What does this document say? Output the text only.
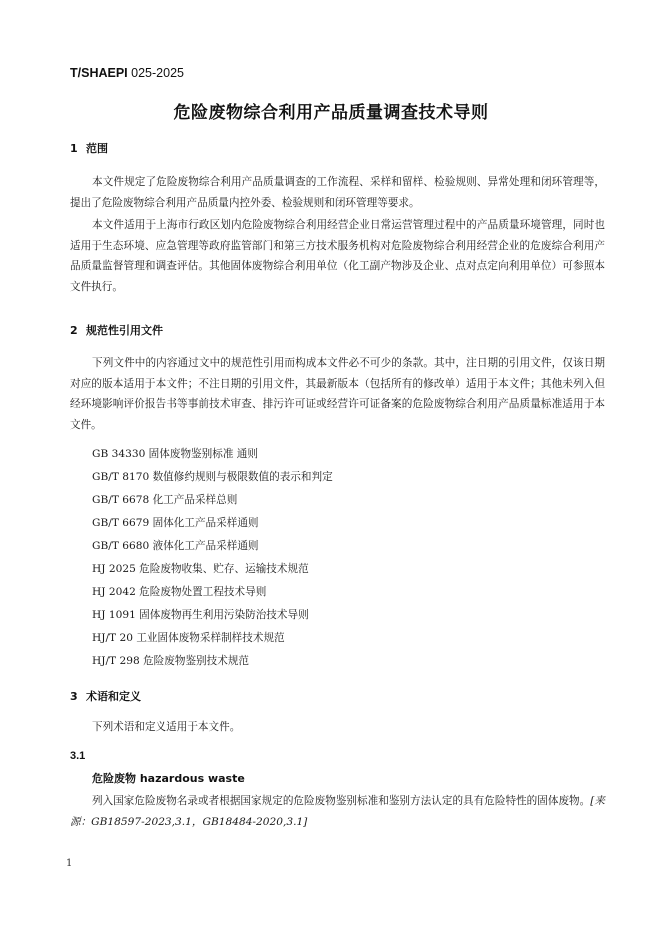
T/SHAEPI 025-2025
危险废物综合利用产品质量调查技术导则
1 范围

本文件规定了危险废物综合利用产品质量调查的工作流程、采样和留样、检验规则、异常处理和闭环管理等，提出了危险废物综合利用产品质量内控外委、检验规则和闭环管理等要求。

本文件适用于上海市行政区划内危险废物综合利用经营企业日常运营管理过程中的产品质量环境管理，同时也适用于生态环境、应急管理等政府监管部门和第三方技术服务机构对危险废物综合利用经营企业的危废综合利用产品质量监督管理和调查评估。其他固体废物综合利用单位（化工副产物涉及企业、点对点定向利用单位）可参照本文件执行。

2 规范性引用文件

下列文件中的内容通过文中的规范性引用而构成本文件必不可少的条款。其中，注日期的引用文件，仅该日期对应的版本适用于本文件；不注日期的引用文件，其最新版本（包括所有的修改单）适用于本文件；其他未列入但经环境影响评价报告书等事前技术审查、排污许可证或经营许可证备案的危险废物综合利用产品质量标准适用于本文件。

GB 34330 固体废物鉴别标准 通则
GB/T 8170 数值修约规则与极限数值的表示和判定
GB/T 6678 化工产品采样总则
GB/T 6679 固体化工产品采样通则
GB/T 6680 液体化工产品采样通则
HJ 2025 危险废物收集、贮存、运输技术规范
HJ 2042 危险废物处置工程技术导则
HJ 1091 固体废物再生利用污染防治技术导则
HJ/T 20 工业固体废物采样制样技术规范
HJ/T 298 危险废物鉴别技术规范
3 术语和定义

下列术语和定义适用于本文件。

3.1
危险废物 hazardous waste

列入国家危险废物名录或者根据国家规定的危险废物鉴别标准和鉴别方法认定的具有危险特性的固体废物。[来源：GB18597-2023,3.1，GB18484-2020,3.1]

1
